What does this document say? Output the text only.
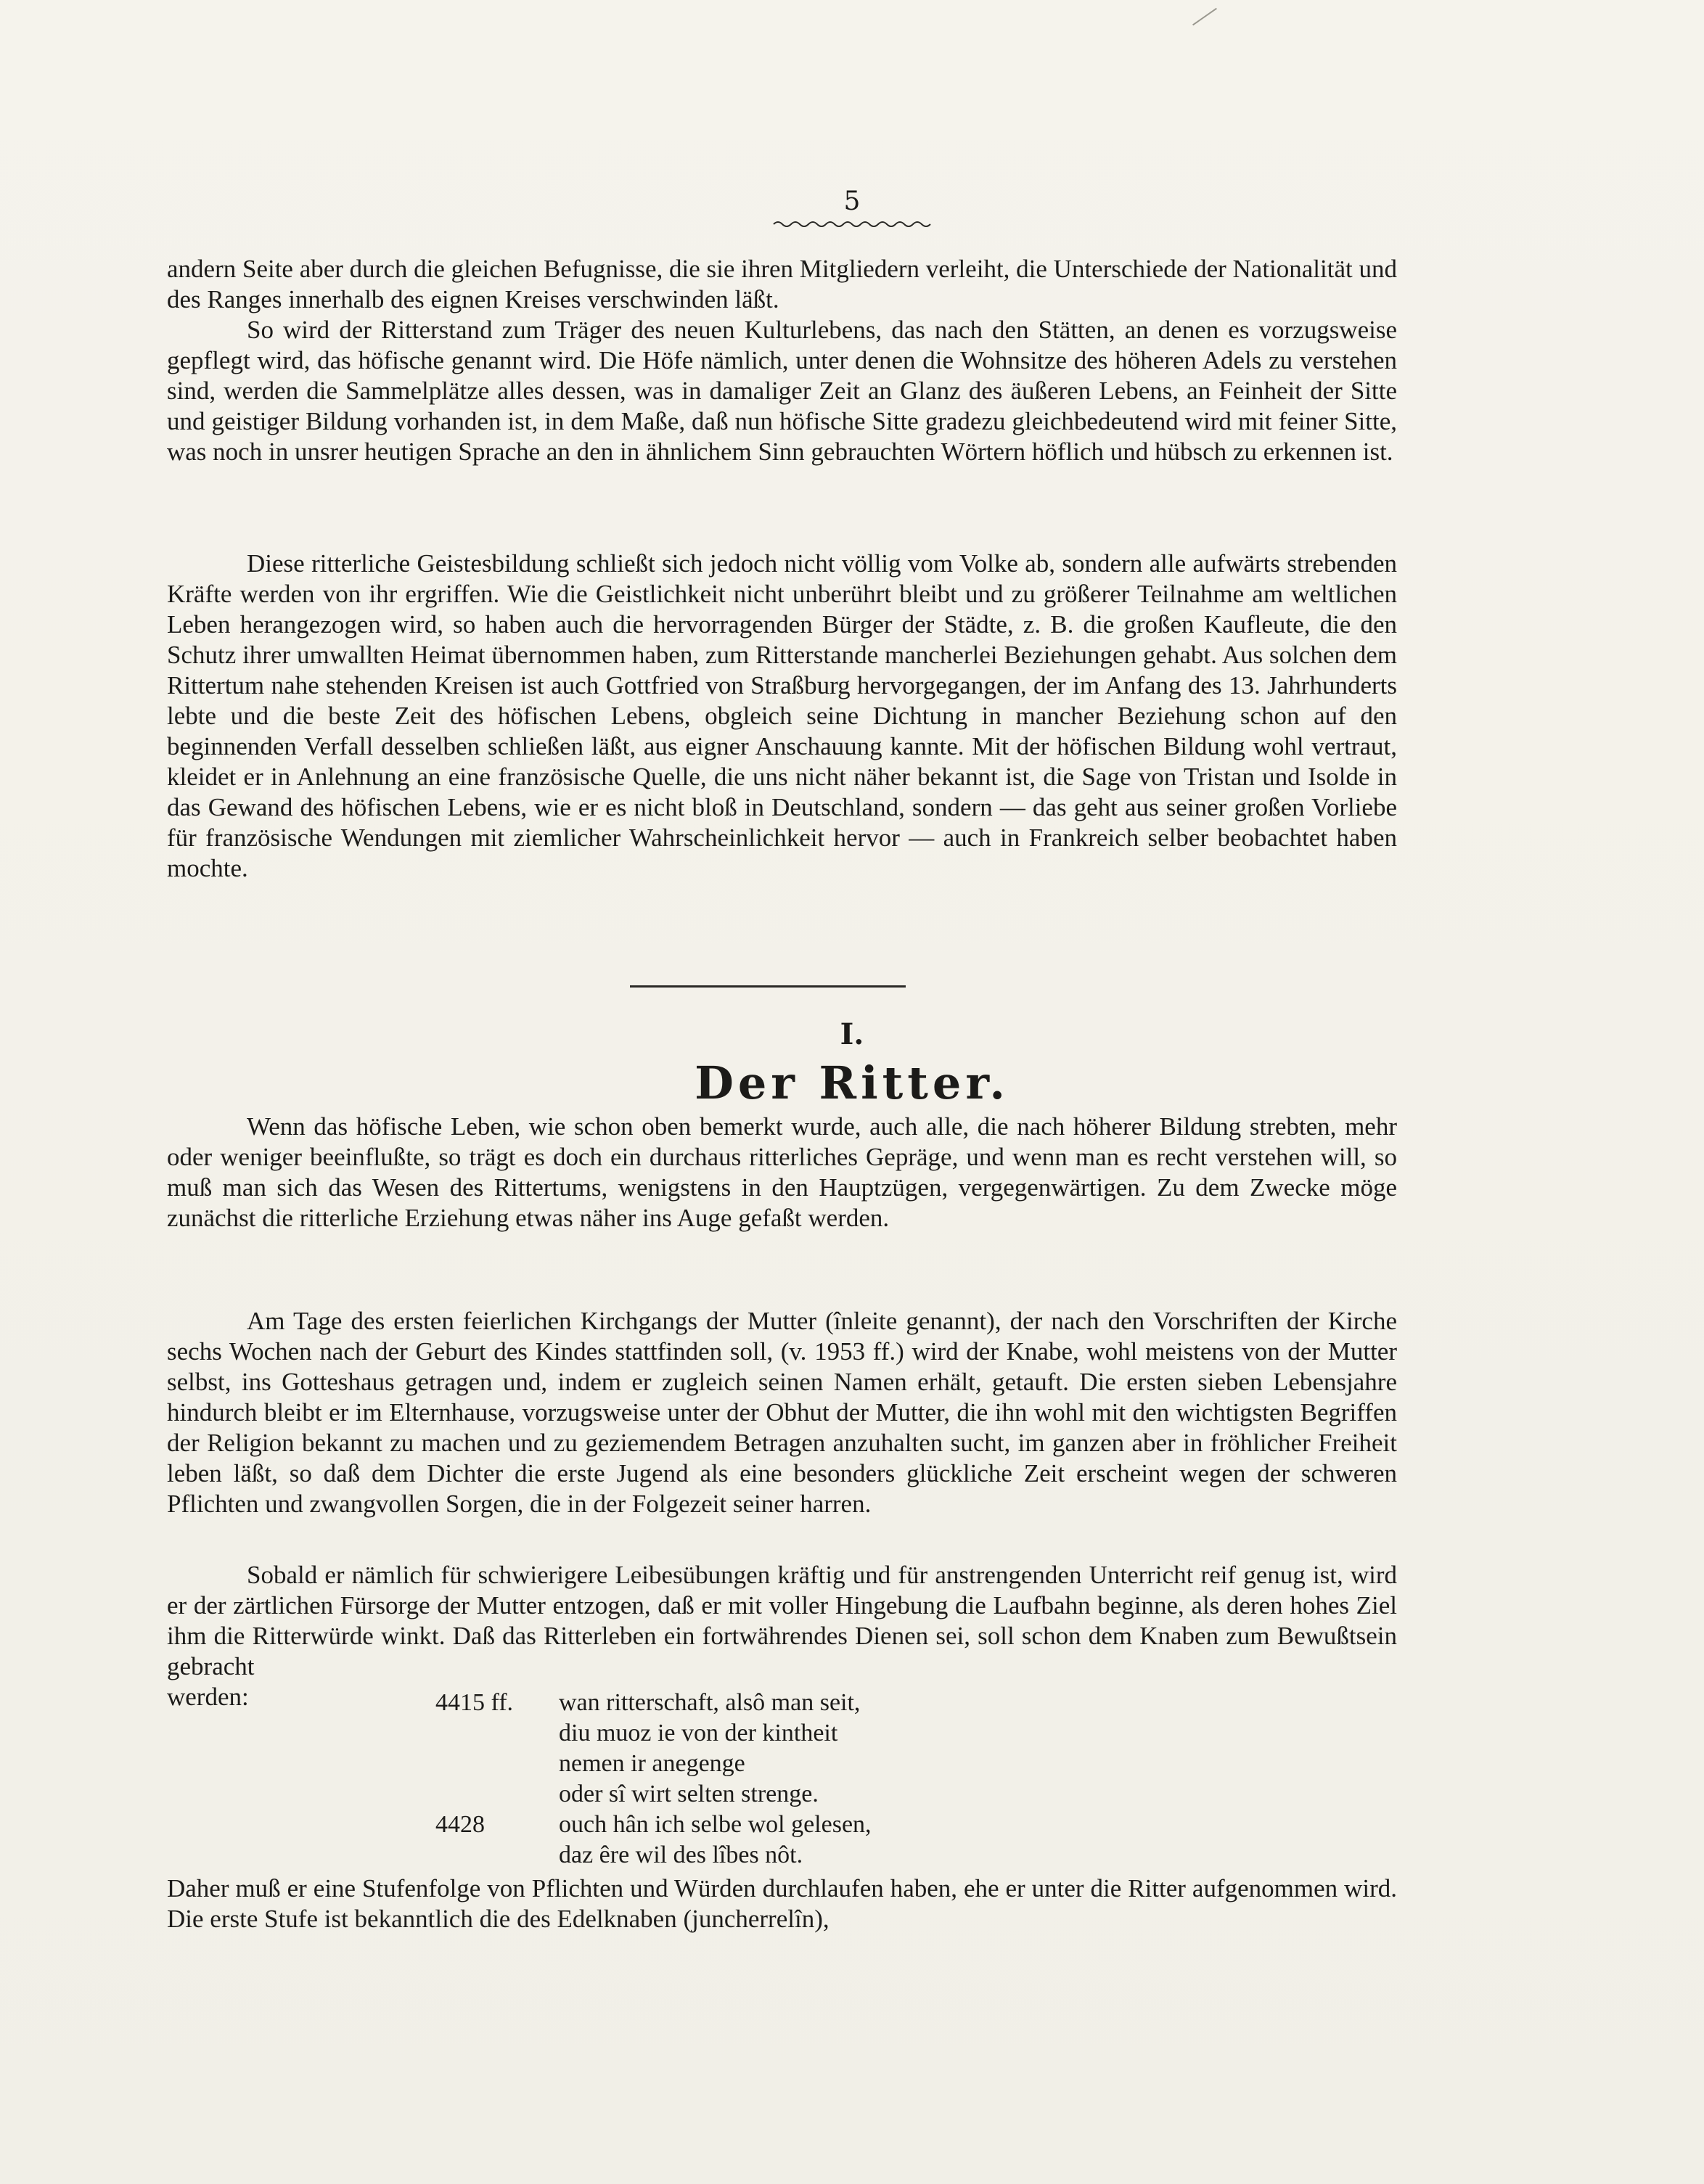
5

andern Seite aber durch die gleichen Befugnisse, die sie ihren Mitgliedern verleiht, die Unterschiede der Nationalität und des Ranges innerhalb des eignen Kreises verschwinden läßt.

So wird der Ritterstand zum Träger des neuen Kulturlebens, das nach den Stätten, an denen es vorzugsweise gepflegt wird, das höfische genannt wird. Die Höfe nämlich, unter denen die Wohnsitze des höheren Adels zu verstehen sind, werden die Sammelplätze alles dessen, was in damaliger Zeit an Glanz des äußeren Lebens, an Feinheit der Sitte und geistiger Bildung vorhanden ist, in dem Maße, daß nun höfische Sitte gradezu gleichbedeutend wird mit feiner Sitte, was noch in unsrer heutigen Sprache an den in ähnlichem Sinn gebrauchten Wörtern höflich und hübsch zu erkennen ist.

Diese ritterliche Geistesbildung schließt sich jedoch nicht völlig vom Volke ab, sondern alle aufwärts strebenden Kräfte werden von ihr ergriffen. Wie die Geistlichkeit nicht unberührt bleibt und zu größerer Teilnahme am weltlichen Leben herangezogen wird, so haben auch die hervorragenden Bürger der Städte, z. B. die großen Kaufleute, die den Schutz ihrer umwallten Heimat übernommen haben, zum Ritterstande mancherlei Beziehungen gehabt. Aus solchen dem Rittertum nahe stehenden Kreisen ist auch Gottfried von Straßburg hervorgegangen, der im Anfang des 13. Jahrhunderts lebte und die beste Zeit des höfischen Lebens, obgleich seine Dichtung in mancher Beziehung schon auf den beginnenden Verfall desselben schließen läßt, aus eigner Anschauung kannte. Mit der höfischen Bildung wohl vertraut, kleidet er in Anlehnung an eine französische Quelle, die uns nicht näher bekannt ist, die Sage von Tristan und Isolde in das Gewand des höfischen Lebens, wie er es nicht bloß in Deutschland, sondern — das geht aus seiner großen Vorliebe für französische Wendungen mit ziemlicher Wahrscheinlichkeit hervor — auch in Frankreich selber beobachtet haben mochte.

I.
Der Ritter.

Wenn das höfische Leben, wie schon oben bemerkt wurde, auch alle, die nach höherer Bildung strebten, mehr oder weniger beeinflußte, so trägt es doch ein durchaus ritterliches Gepräge, und wenn man es recht verstehen will, so muß man sich das Wesen des Rittertums, wenigstens in den Hauptzügen, vergegenwärtigen. Zu dem Zwecke möge zunächst die ritterliche Erziehung etwas näher ins Auge gefaßt werden.

Am Tage des ersten feierlichen Kirchgangs der Mutter (înleite genannt), der nach den Vorschriften der Kirche sechs Wochen nach der Geburt des Kindes stattfinden soll, (v. 1953 ff.) wird der Knabe, wohl meistens von der Mutter selbst, ins Gotteshaus getragen und, indem er zugleich seinen Namen erhält, getauft. Die ersten sieben Lebensjahre hindurch bleibt er im Elternhause, vorzugsweise unter der Obhut der Mutter, die ihn wohl mit den wichtigsten Begriffen der Religion bekannt zu machen und zu geziemendem Betragen anzuhalten sucht, im ganzen aber in fröhlicher Freiheit leben läßt, so daß dem Dichter die erste Jugend als eine besonders glückliche Zeit erscheint wegen der schweren Pflichten und zwangvollen Sorgen, die in der Folgezeit seiner harren.

Sobald er nämlich für schwierigere Leibesübungen kräftig und für anstrengenden Unterricht reif genug ist, wird er der zärtlichen Fürsorge der Mutter entzogen, daß er mit voller Hingebung die Laufbahn beginne, als deren hohes Ziel ihm die Ritterwürde winkt. Daß das Ritterleben ein fortwährendes Dienen sei, soll schon dem Knaben zum Bewußtsein gebracht

werden:	4415 ff.	wan ritterschaft, alsô man seit,
diu muoz ie von der kintheit
nemen ir anegenge
oder sî wirt selten strenge.
4428	ouch hân ich selbe wol gelesen,
daz êre wil des lîbes nôt.

Daher muß er eine Stufenfolge von Pflichten und Würden durchlaufen haben, ehe er unter die Ritter aufgenommen wird. Die erste Stufe ist bekanntlich die des Edelknaben (juncherrelîn),
